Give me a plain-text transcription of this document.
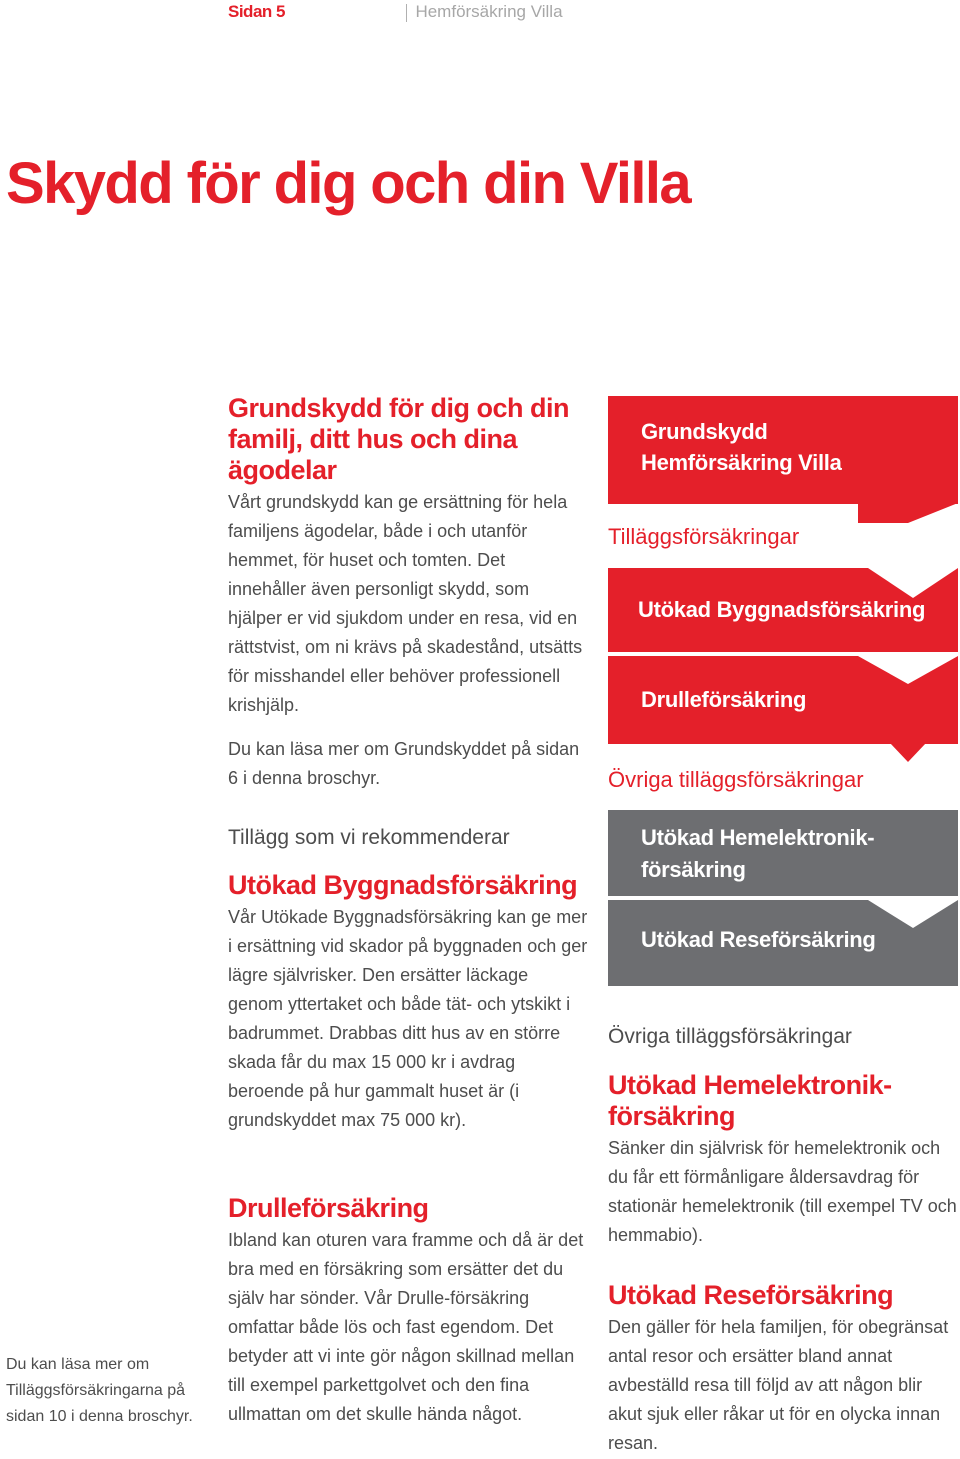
Sidan 5	Hemförsäkring Villa
Skydd för dig och din Villa
Grundskydd för dig och din familj, ditt hus och dina ägodelar
Vårt grundskydd kan ge ersättning för hela familjens ägodelar, både i och utanför hemmet, för huset och tomten. Det innehåller även personligt skydd, som hjälper er vid sjukdom under en resa, vid en rättstvist, om ni krävs på skadestånd, utsätts för misshandel eller behöver professionell krishjälp.
Du kan läsa mer om Grundskyddet på sidan 6 i denna broschyr.
Tillägg som vi rekommenderar
Utökad Byggnadsförsäkring
Vår Utökade Byggnadsförsäkring kan ge mer i ersättning vid skador på byggnaden och ger lägre självrisker. Den ersätter läckage genom yttertaket och både tät- och ytskikt i badrummet. Drabbas ditt hus av en större skada får du max 15 000 kr i avdrag beroende på hur gammalt huset är (i grundskyddet max 75 000 kr).
Drulleförsäkring
Ibland kan oturen vara framme och då är det bra med en försäkring som ersätter det du själv har sönder. Vår Drulle-försäkring omfattar både lös och fast egendom. Det betyder att vi inte gör någon skillnad mellan till exempel parkettgolvet och den fina ullmattan om det skulle hända något.
Du kan läsa mer om Tilläggsförsäkringarna på sidan 10 i denna broschyr.
Grundskydd
Hemförsäkring Villa
Tilläggsförsäkringar
Utökad Byggnadsförsäkring
Drulleförsäkring
Övriga tilläggsförsäkringar
Utökad Hemelektronik-
försäkring
Utökad Reseförsäkring
Övriga tilläggsförsäkringar
Utökad Hemelektronik-
försäkring
Sänker din självrisk för hemelektronik och du får ett förmånligare åldersavdrag för stationär hemelektronik (till exempel TV och hemmabio).
Utökad Reseförsäkring
Den gäller för hela familjen, för obegränsat antal resor och ersätter bland annat avbeställd resa till följd av att någon blir akut sjuk eller råkar ut för en olycka innan resan.
